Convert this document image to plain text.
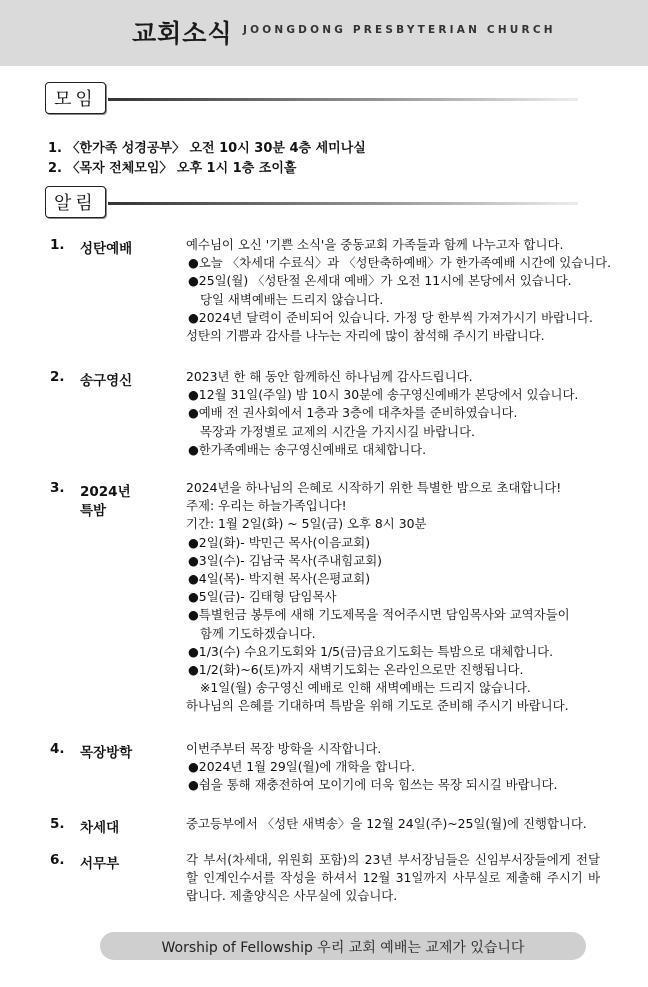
교회소식 JOONGDONG PRESBYTERIAN CHURCH
모임
1. 〈한가족 성경공부〉 오전 10시 30분 4층 세미나실
2. 〈목자 전체모임〉 오후 1시 1층 조이홀
알림
1. 성탄예배	예수님이 오신 '기쁜 소식'을 중동교회 가족들과 함께 나누고자 합니다.
●오늘 〈차세대 수료식〉과 〈성탄축하예배〉가 한가족예배 시간에 있습니다.
●25일(월) 〈성탄절 온세대 예배〉가 오전 11시에 본당에서 있습니다.
당일 새벽예배는 드리지 않습니다.
●2024년 달력이 준비되어 있습니다. 가정 당 한부씩 가져가시기 바랍니다.
성탄의 기쁨과 감사를 나누는 자리에 많이 참석해 주시기 바랍니다.
2. 송구영신	2023년 한 해 동안 함께하신 하나님께 감사드립니다.
●12월 31일(주일) 밤 10시 30분에 송구영신예배가 본당에서 있습니다.
●예배 전 권사회에서 1층과 3층에 대추차를 준비하였습니다.
목장과 가정별로 교제의 시간을 가지시길 바랍니다.
●한가족예배는 송구영신예배로 대체합니다.
3. 2024년
특밤
2024년을 하나님의 은혜로 시작하기 위한 특별한 밤으로 초대합니다!
주제: 우리는 하늘가족입니다!
기간: 1월 2일(화) ~ 5일(금) 오후 8시 30분
●2일(화)- 박민근 목사(이음교회)
●3일(수)- 김남국 목사(주내힘교회)
●4일(목)- 박지현 목사(은평교회)
●5일(금)- 김태형 담임목사
●특별헌금 봉투에 새해 기도제목을 적어주시면 담임목사와 교역자들이
함께 기도하겠습니다.
●1/3(수) 수요기도회와 1/5(금)금요기도회는 특밤으로 대체합니다.
●1/2(화)~6(토)까지 새벽기도회는 온라인으로만 진행됩니다.
※1일(월) 송구영신 예배로 인해 새벽예배는 드리지 않습니다.
하나님의 은혜를 기대하며 특밤을 위해 기도로 준비해 주시기 바랍니다.
4. 목장방학	이번주부터 목장 방학을 시작합니다.
●2024년 1월 29일(월)에 개학을 합니다.
●쉼을 통해 재충전하여 모이기에 더욱 힘쓰는 목장 되시길 바랍니다.
5. 차세대	중고등부에서 〈성탄 새벽송〉을 12월 24일(주)~25일(월)에 진행합니다.
6. 서무부	각 부서(차세대, 위원회 포함)의 23년 부서장님들은 신임부서장들에게 전달할 인계인수서를 작성을 하셔서 12월 31일까지 사무실로 제출해 주시기 바랍니다. 제출양식은 사무실에 있습니다.
Worship of Fellowship 우리 교회 예배는 교제가 있습니다
